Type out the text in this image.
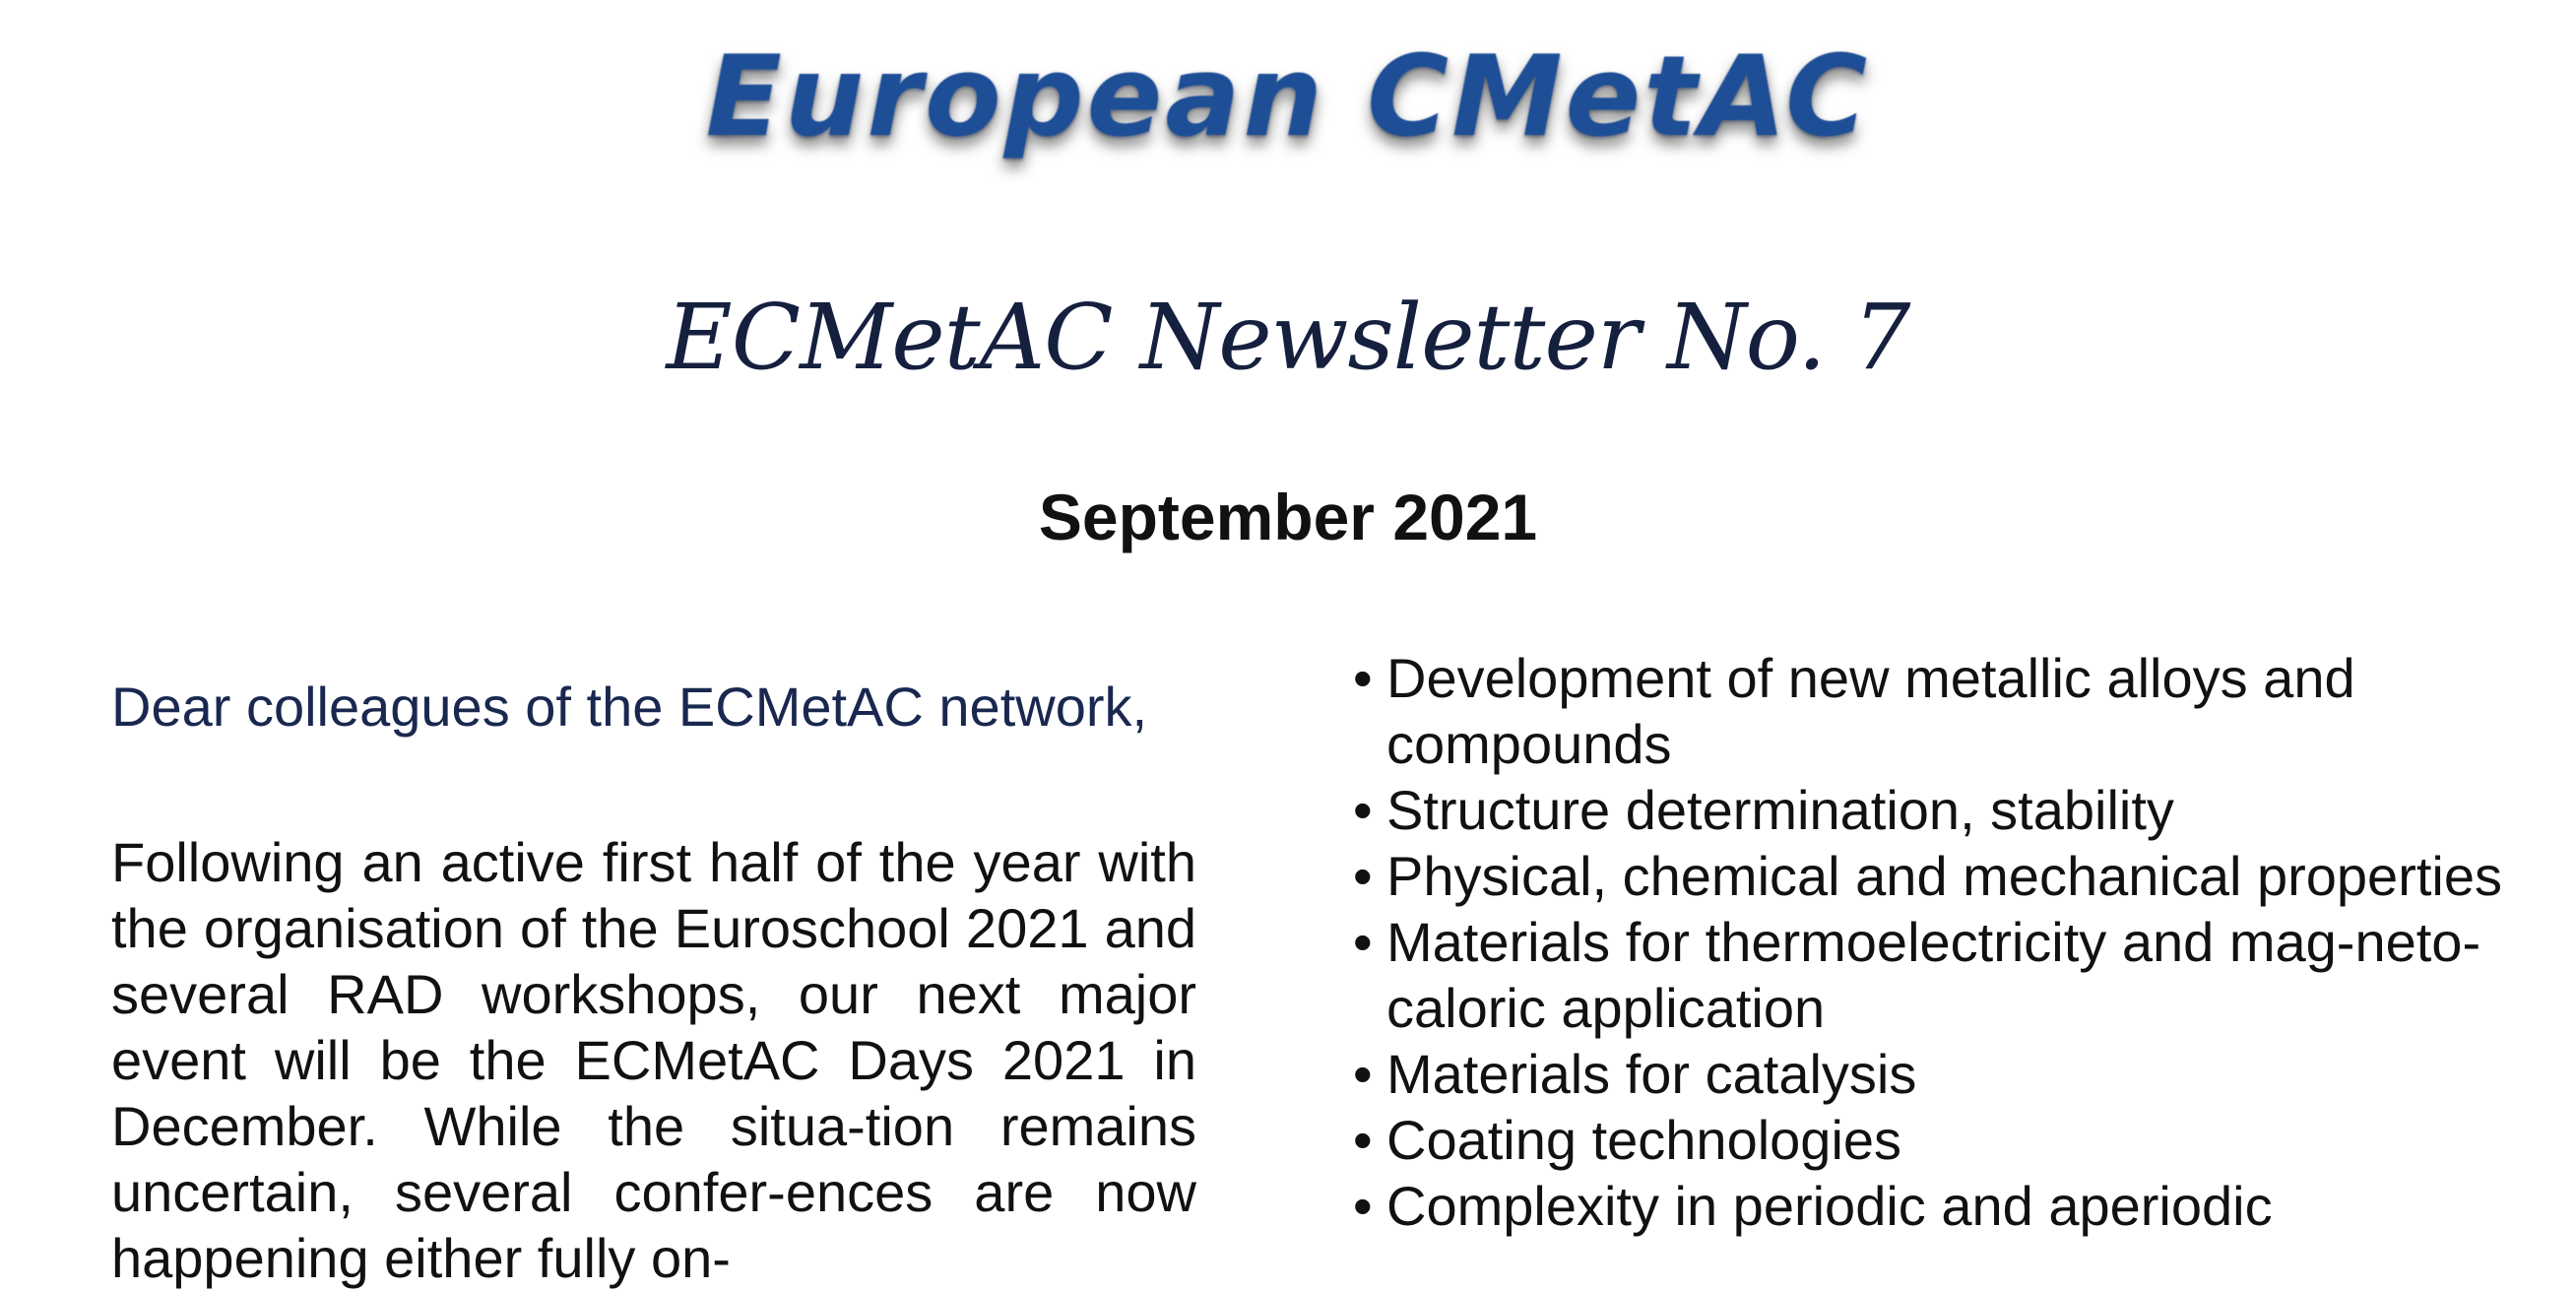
European CMetAC
ECMetAC Newsletter No. 7
September 2021

Dear colleagues of the ECMetAC network,

Following an active first half of the year with the organisation of the Euroschool 2021 and several RAD workshops, our next major event will be the ECMetAC Days 2021 in December. While the situa-tion remains uncertain, several confer-ences are now happening either fully on-

• Development of new metallic alloys and compounds
• Structure determination, stability
• Physical, chemical and mechanical properties
• Materials for thermoelectricity and mag-neto-caloric application
• Materials for catalysis
• Coating technologies
• Complexity in periodic and aperiodic
